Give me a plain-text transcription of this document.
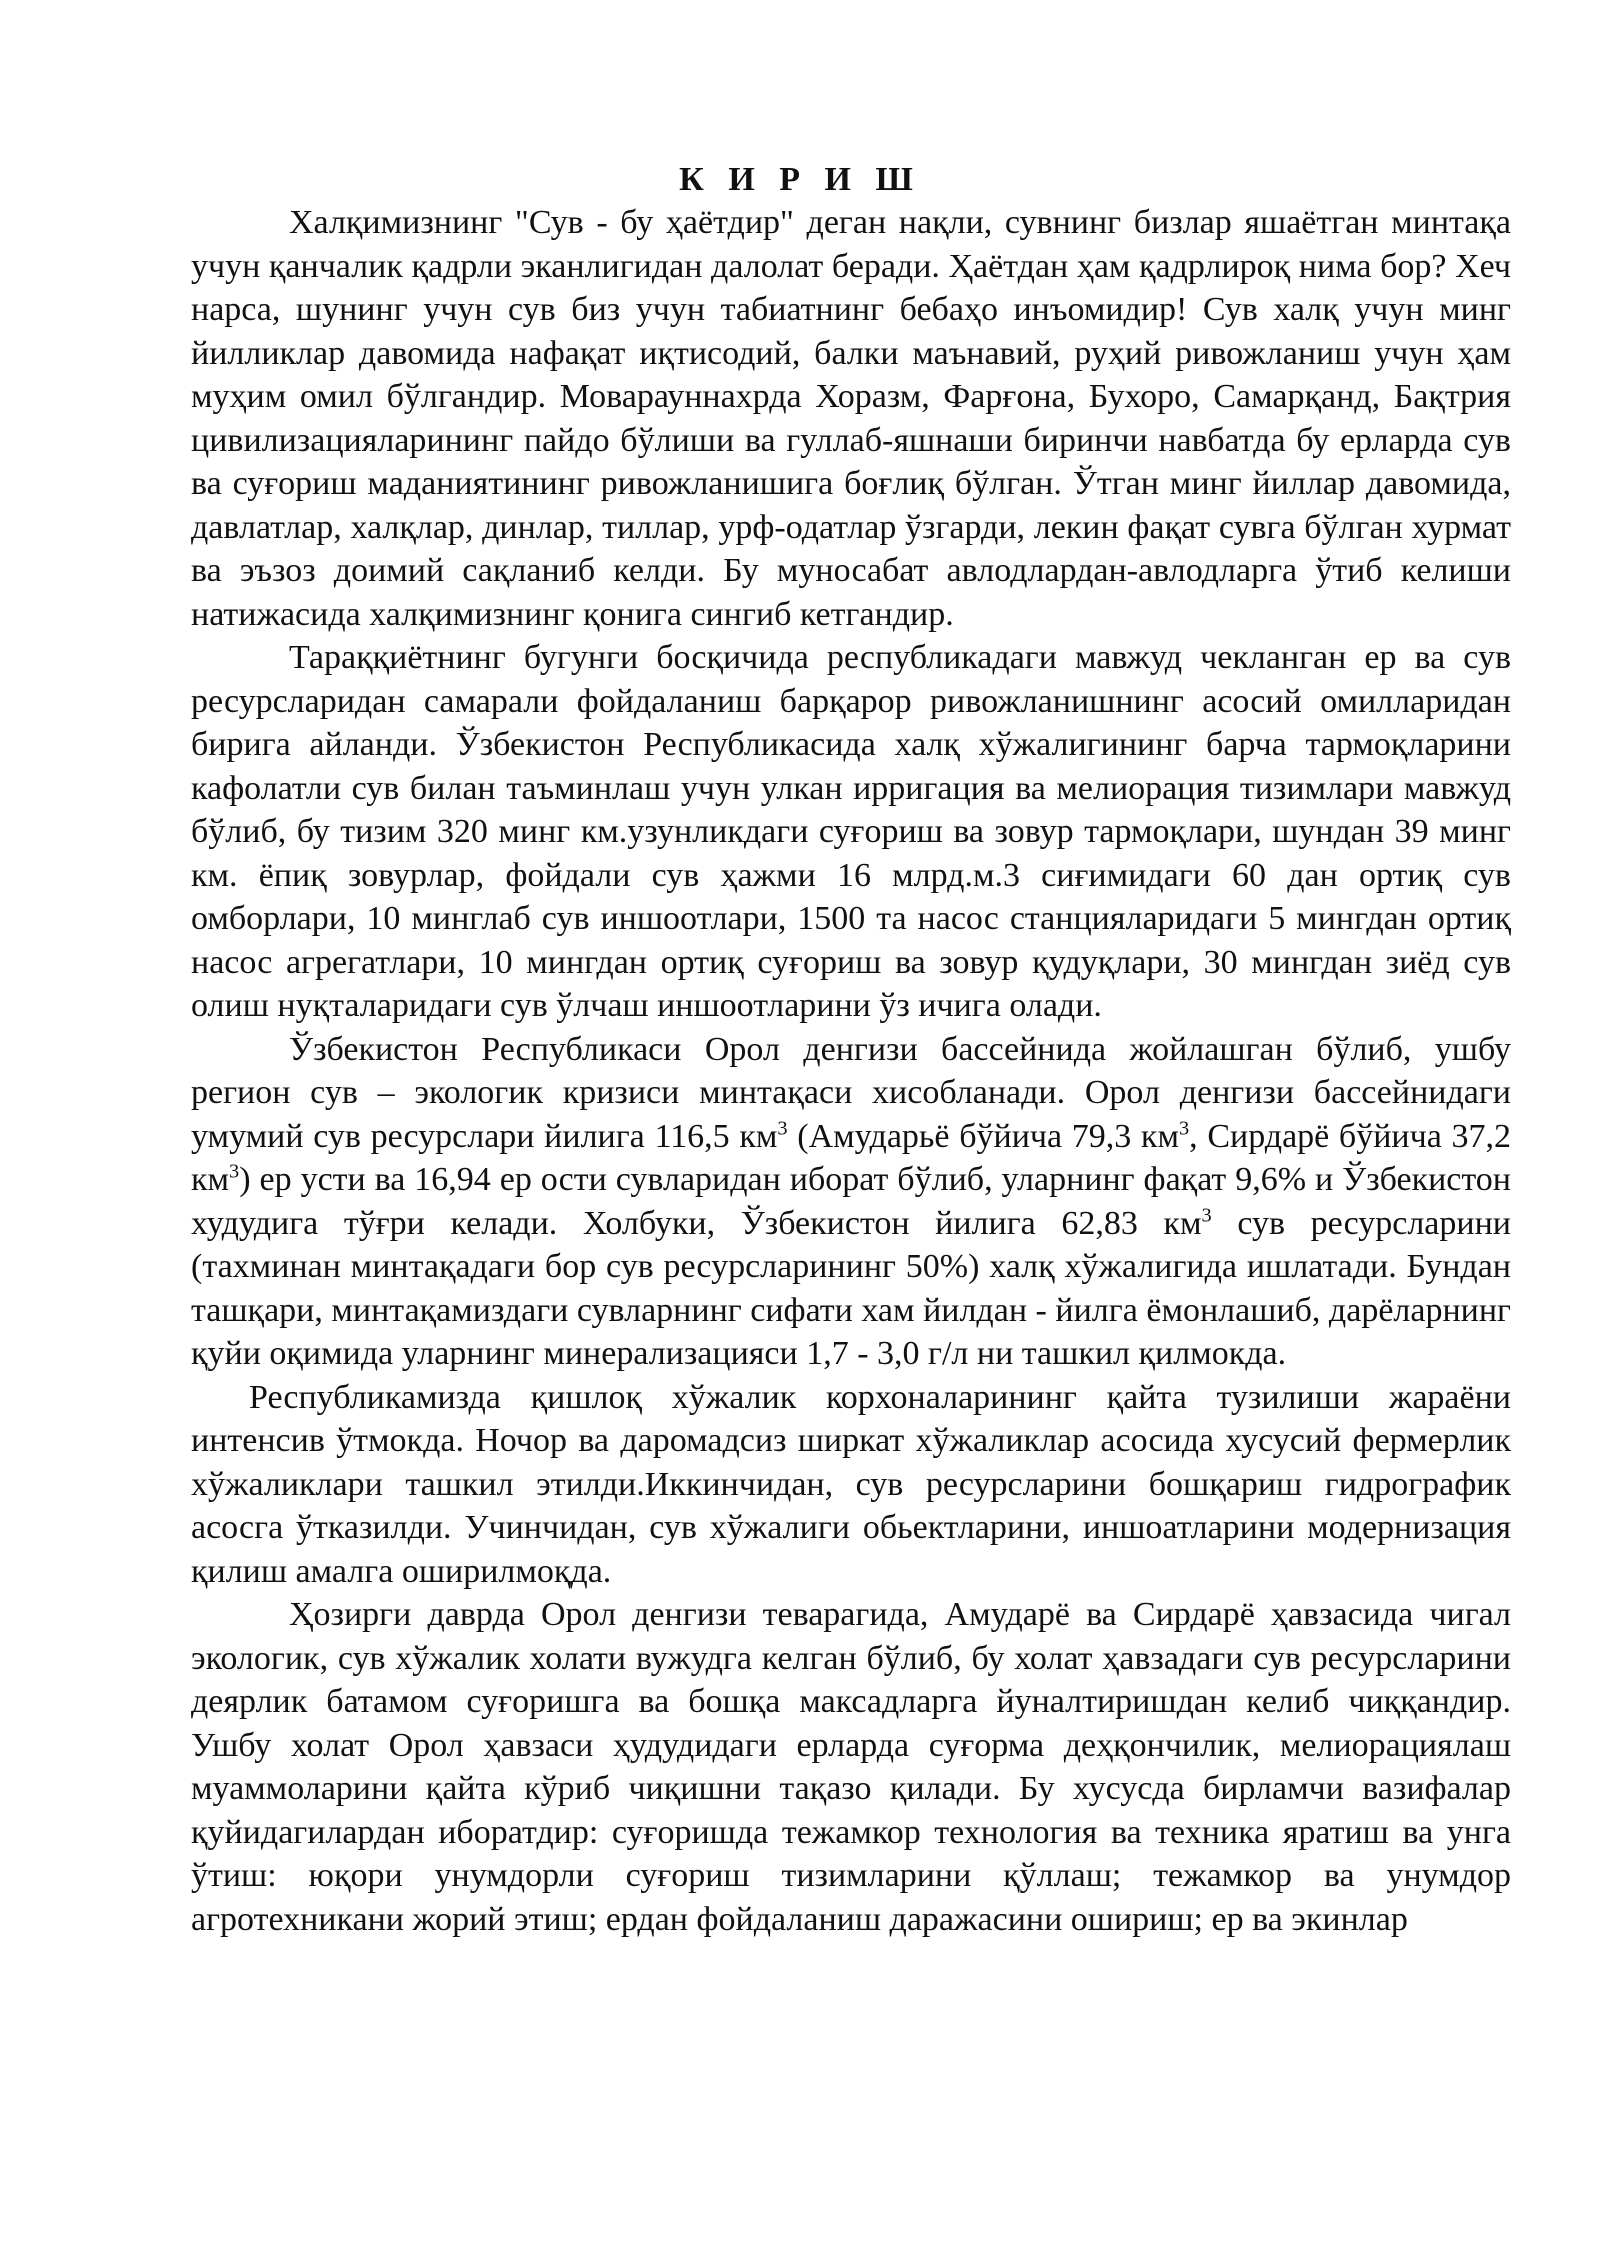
К И Р И Ш

Халқимизнинг "Сув - бу ҳаётдир" деган нақли, сувнинг бизлар яшаётган минтақа учун қанчалик қадрли эканлигидан далолат беради. Ҳаётдан ҳам қадрлироқ нима бор? Хеч нарса, шунинг учун сув биз учун табиатнинг бебаҳо инъомидир! Сув халқ учун минг йилликлар давомида нафақат иқтисодий, балки маънавий, руҳий ривожланиш учун ҳам муҳим омил бўлгандир. Моварауннахрда Хоразм, Фарғона, Бухоро, Самарқанд, Бақтрия цивилизацияларининг пайдо бўлиши ва гуллаб-яшнаши биринчи навбатда бу ерларда сув ва суғориш маданиятининг ривожланишига боғлиқ бўлган. Ўтган минг йиллар давомида, давлатлар, халқлар, динлар, тиллар, урф-одатлар ўзгарди, лекин фақат сувга бўлган хурмат ва эъзоз доимий сақланиб келди. Бу муносабат авлодлардан-авлодларга ўтиб келиши натижасида халқимизнинг қонига сингиб кетгандир.

Тараққиётнинг бугунги босқичида республикадаги мавжуд чекланган ер ва сув ресурсларидан самарали фойдаланиш барқарор ривожланишнинг асосий омилларидан бирига айланди. Ўзбекистон Республикасида халқ хўжалигининг барча тармоқларини кафолатли сув билан таъминлаш учун улкан ирригация ва мелиорация тизимлари мавжуд бўлиб, бу тизим 320 минг км.узунликдаги суғориш ва зовур тармоқлари, шундан 39 минг км. ёпиқ зовурлар, фойдали сув ҳажми 16 млрд.м.3 сиғимидаги 60 дан ортиқ сув омборлари, 10 минглаб сув иншоотлари, 1500 та насос станцияларидаги 5 мингдан ортиқ насос агрегатлари, 10 мингдан ортиқ суғориш ва зовур қудуқлари, 30 мингдан зиёд сув олиш нуқталаридаги сув ўлчаш иншоотларини ўз ичига олади.

Ўзбекистон Республикаси Орол денгизи бассейнида жойлашган бўлиб, ушбу регион сув – экологик кризиси минтақаси хисобланади. Орол денгизи бассейнидаги умумий сув ресурслари йилига 116,5 $км^3$ (Амударьё бўйича 79,3 $км^3$, Сирдарё бўйича 37,2 $км^3$) ер усти ва 16,94 ер ости сувларидан иборат бўлиб, уларнинг фақат 9,6% и Ўзбекистон худудига тўғри келади. Холбуки, Ўзбекистон йилига 62,83 $км^3$ сув ресурсларини (тахминан минтақадаги бор сув ресурсларининг 50%) халқ хўжалигида ишлатади. Бундан ташқари, минтақамиздаги сувларнинг сифати хам йилдан - йилга ёмонлашиб, дарёларнинг қуйи оқимида уларнинг минерализацияси 1,7 - 3,0 г/л ни ташкил қилмокда.

Республикамизда қишлоқ хўжалик корхоналарининг қайта тузилиши жараёни интенсив ўтмокда. Ночор ва даромадсиз ширкат хўжаликлар асосида хусусий фермерлик хўжаликлари ташкил этилди.Иккинчидан, сув ресурсларини бошқариш гидрографик асосга ўтказилди. Учинчидан, сув хўжалиги обьектларини, иншоатларини модернизация қилиш амалга оширилмоқда.

Ҳозирги даврда Орол денгизи теварагида, Амударё ва Сирдарё ҳавзасида чигал экологик, сув хўжалик холати вужудга келган бўлиб, бу холат ҳавзадаги сув ресурсларини деярлик батамом суғоришга ва бошқа максадларга йуналтиришдан келиб чиққандир. Ушбу холат Орол ҳавзаси ҳудудидаги ерларда суғорма деҳқончилик, мелиорациялаш муаммоларини қайта кўриб чиқишни тақазо қилади. Бу хусусда бирламчи вазифалар қуйидагилардан иборатдир: суғоришда тежамкор технология ва техника яратиш ва унга ўтиш: юқори унумдорли суғориш тизимларини қўллаш; тежамкор ва унумдор агротехникани жорий этиш; ердан фойдаланиш даражасини ошириш; ер ва экинлар
